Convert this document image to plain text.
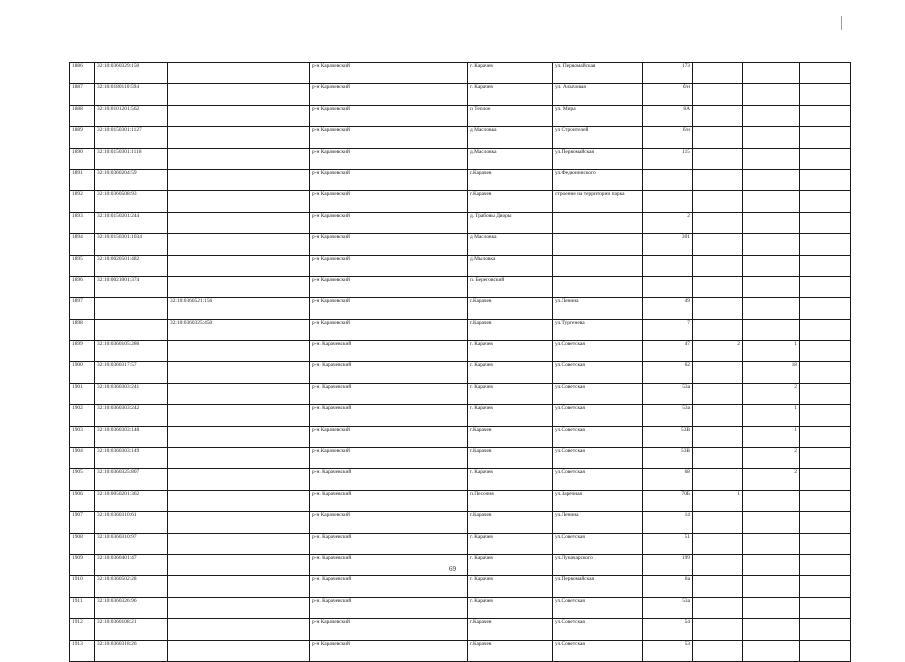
1886	32:10:0360329:150		р-н Карачевский	г. Карачев	ул. Первомайская	173			
1887	32:10:0180110:594		р-н Карачевский	г. Карачев	ул. Алычовая	б/н			
1888	32:10:0101201:562		р-н Карачевский	п Теплое	ул. Мира	8А			
1889	32:10:0150301:1127		р-н Карачевский	д Масловка	ул Строителей	б/н			
1890	32:10:0150301:1118		р-н Карачевский	д.Масловка	ул.Первомайская	115			
1891	32:10:0360204:59		р-н Карачевский	г.Карачев	ул.Федюнинского				
1892	32:10:0360508:93		р-н Карачевский	г.Карачев	строение на территории парка				
1893	32:10:0150201:244		р-н Карачевский	д. Грабовы Дворы		2			
1894	32:10:0150301:1034		р-н Карачевский	д Масловка		301			
1895	32:10:0020501:482		р-н Карачевский	д.Мыловка					
1896	32:10:0021001:374		р-н Карачевский	п. Береговский					
1897		32:10:0360521:156	р-н Карачевский	г.Карачев	ул.Ленина	49			
1898		32:10:0360325:450	р-н Карачевский	г.Карачев	ул.Тургенева	7			
1899	32:10:0360105:286		р-н. Карачевский	г. Карачев	ул.Советская	47	2	1	
1900	32:10:0360317:57		р-н. Карачевский	г. Карачев	ул.Советская	62		18	
1901	32:10:0360303:241		р-н. Карачевский	г. Карачев	ул.Советская	53а		2	
1902	32:10:0360303:242		р-н. Карачевский	г. Карачев	ул.Советская	53а		1	
1903	32:10:0360303:148		р-н Карачевский	г.Карачев	ул.Советская	53В		1	
1904	32:10:0360303:149		р-н.Карачевский	г.Карачев	ул.Советская	53В		2	
1905	32:10:0360325:807		р-н. Карачевский	г. Карачев	ул.Советская	68		2	
1906	32:10:0050201:362		р-н. Карачевский	п.Песочня	ул.Заречная	70Б	1		
1907	32:10:0360310:61		р-н Карачевский	г.Карачев	ул.Ленина	14			
1908	32:10:0360310:97		р-н. Карачевский	г. Карачев	ул.Советская	51			
1909	32:10:0360401:47		р-н. Карачевский	г. Карачев	ул.Луначарского	199			
1910	32:10:0360502:28		р-н. Карачевский	г. Карачев	ул.Первомайская	8а			
1911	32:10:0360326:96		р-н. Карачевский	г. Карачев	ул.Советская	53а			
1912	32:10:0360108:21		р-н Карачевский	г.Карачев	ул.Советская	54			
1913	32:10:0360318:26		р-н Карачевский	г.Карачев	ул.Советская	53			
69
